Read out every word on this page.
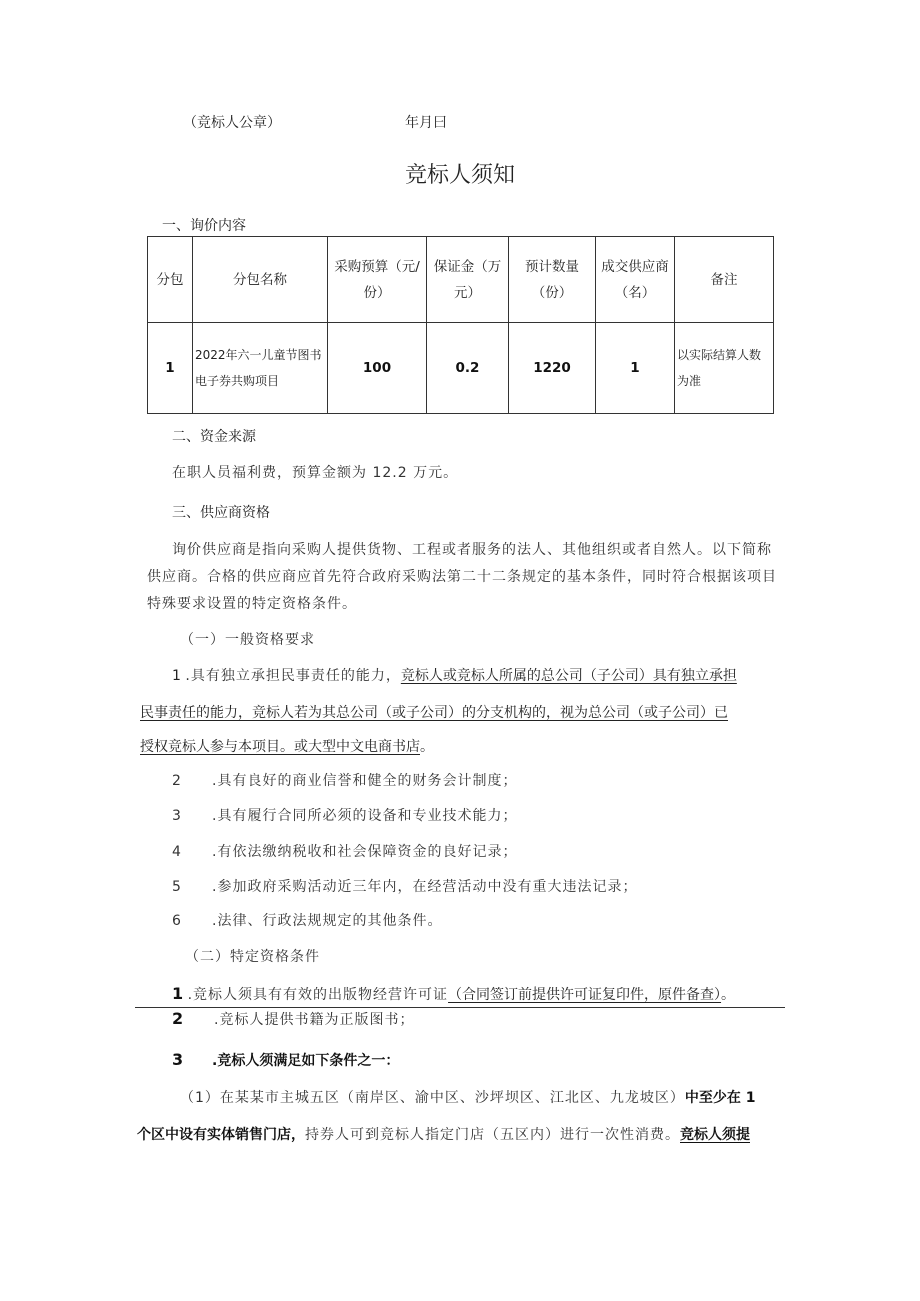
（竞标人公章）	年月曰
竞标人须知
一、询价内容
分包	分包名称	采购预算（元/份）	保证金（万元）	预计数量（份）	成交供应商（名）	备注
1	2022年六一儿童节图书电子券共购项目	100	0.2	1220	1	以实际结算人数为准
二、资金来源
在职人员福利费，预算金额为 12.2 万元。
三、供应商资格
询价供应商是指向采购人提供货物、工程或者服务的法人、其他组织或者自然人。以下简称
供应商。合格的供应商应首先符合政府采购法第二十二条规定的基本条件，同时符合根据该项目
特殊要求设置的特定资格条件。
（一）一般资格要求
1 .具有独立承担民事责任的能力，竞标人或竞标人所属的总公司（子公司）具有独立承担
民事责任的能力，竞标人若为其总公司（或子公司）的分支机构的，视为总公司（或子公司）已
授权竞标人参与本项目。或大型中文电商书店。
2 .具有良好的商业信誉和健全的财务会计制度；
3 .具有履行合同所必须的设备和专业技术能力；
4 .有依法缴纳税收和社会保障资金的良好记录；
5 .参加政府采购活动近三年内，在经营活动中没有重大违法记录；
6 .法律、行政法规规定的其他条件。
（二）特定资格条件
1 .竞标人须具有有效的出版物经营许可证（合同签订前提供许可证复印件，原件备查）。
2 .竞标人提供书籍为正版图书；
3 .竞标人须满足如下条件之一：
（1）在某某市主城五区（南岸区、渝中区、沙坪坝区、江北区、九龙坡区）中至少在 1
个区中设有实体销售门店，持券人可到竞标人指定门店（五区内）进行一次性消费。竞标人须提
